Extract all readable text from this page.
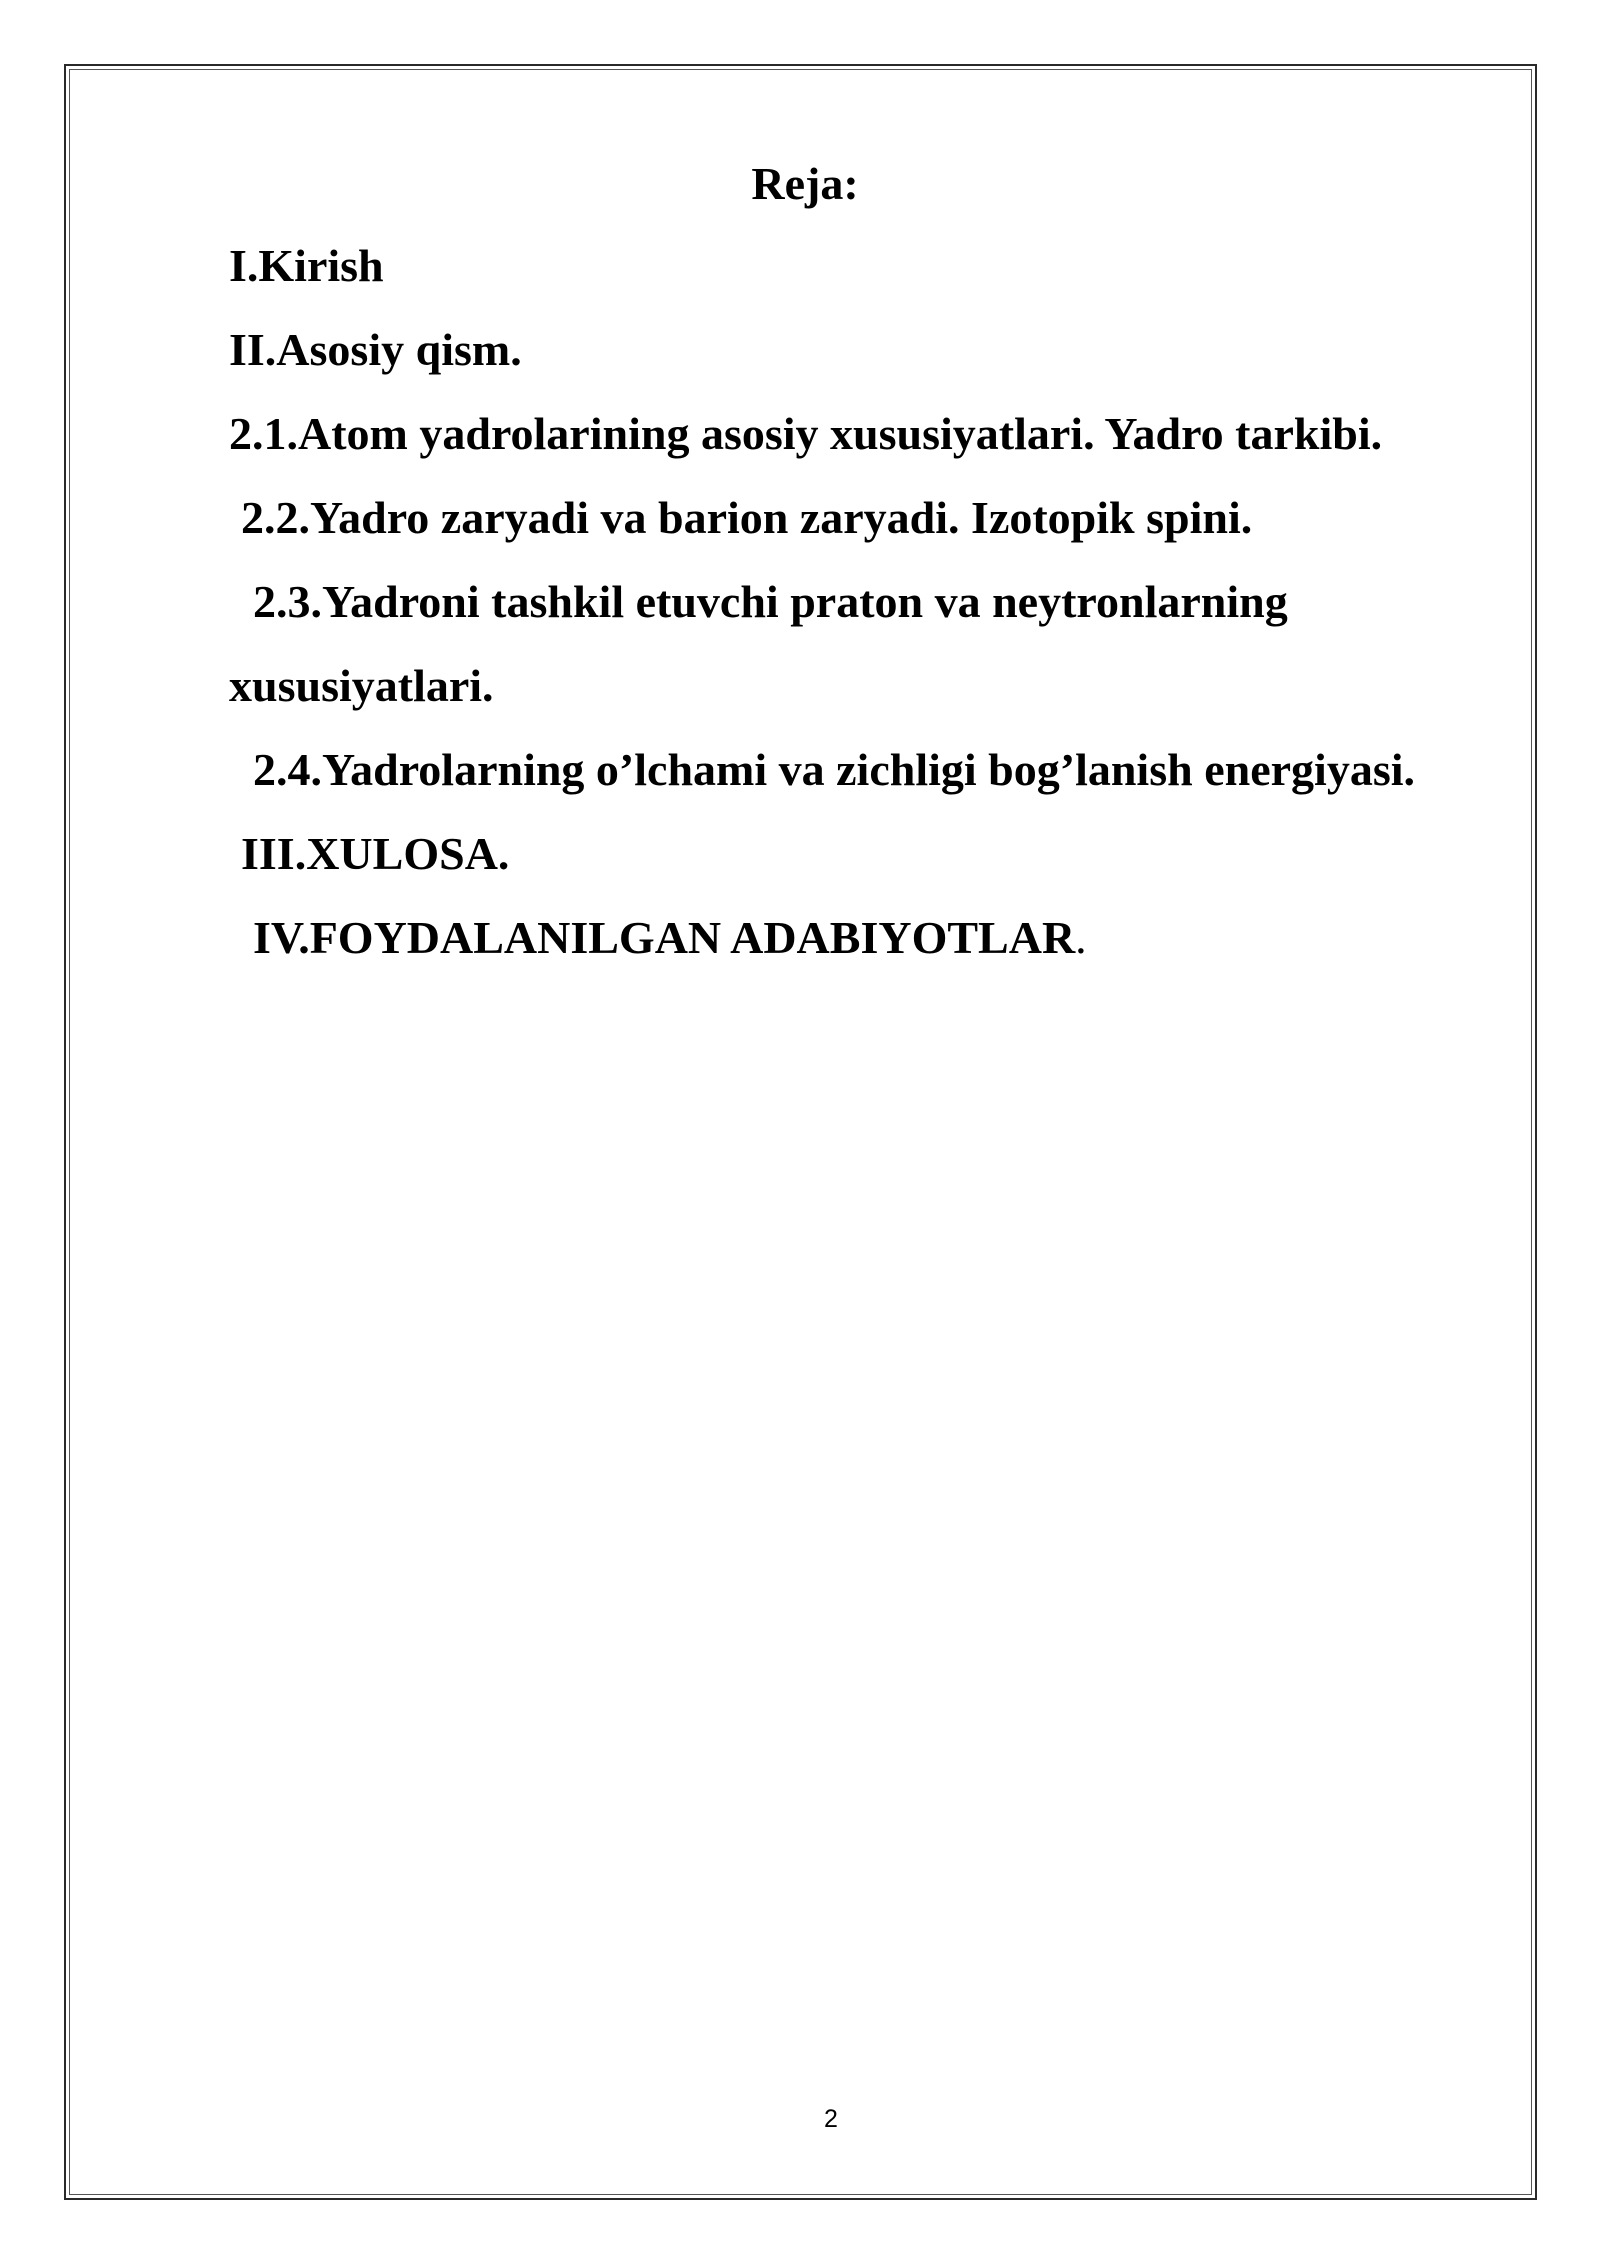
Reja:

I.Kirish

II.Asosiy qism.

2.1.Atom yadrolarining asosiy xususiyatlari. Yadro tarkibi.

2.2.Yadro zaryadi va barion zaryadi. Izotopik spini.

2.3.Yadroni tashkil etuvchi praton va neytronlarning

xususiyatlari.

2.4.Yadrolarning o’lchami va zichligi bog’lanish energiyasi.

III.XULOSA.

IV.FOYDALANILGAN ADABIYOTLAR.

2
